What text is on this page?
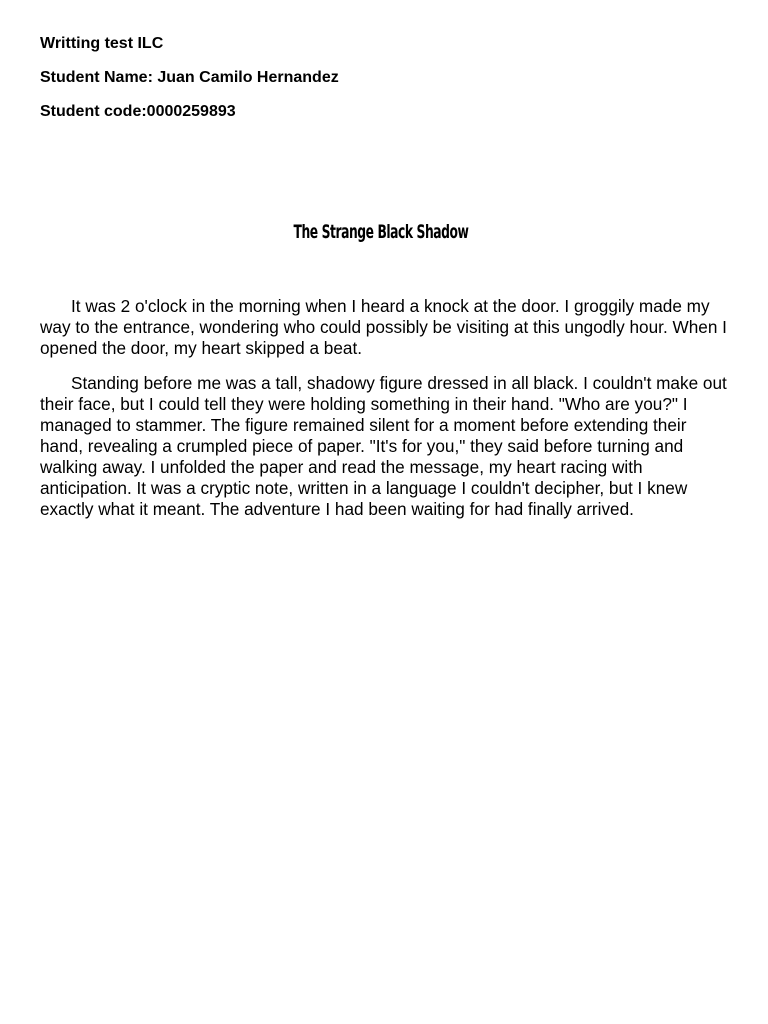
Writting test ILC
Student Name: Juan Camilo Hernandez
Student code:0000259893
The Strange Black Shadow

It was 2 o'clock in the morning when I heard a knock at the door. I groggily made my way to the entrance, wondering who could possibly be visiting at this ungodly hour. When I opened the door, my heart skipped a beat.

Standing before me was a tall, shadowy figure dressed in all black. I couldn't make out their face, but I could tell they were holding something in their hand. "Who are you?" I managed to stammer. The figure remained silent for a moment before extending their hand, revealing a crumpled piece of paper. "It's for you," they said before turning and walking away. I unfolded the paper and read the message, my heart racing with anticipation. It was a cryptic note, written in a language I couldn't decipher, but I knew exactly what it meant. The adventure I had been waiting for had finally arrived.
